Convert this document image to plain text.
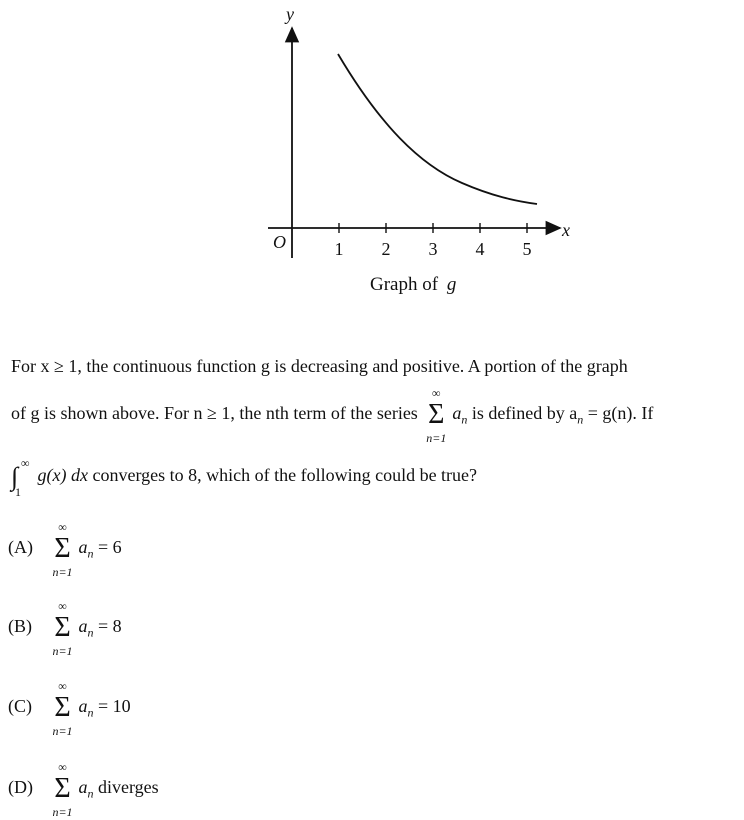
y
x
O	1 2 3 4 5
Graph of g
For x ≥ 1, the continuous function g is decreasing and positive. A portion of the graph
of g is shown above. For n ≥ 1, the nth term of the series
∞
Σ
n=1
$a_n$ is defined by $a_n = g(n)$. If
∫ ∞
1
g(x) dx converges to 8, which of the following could be true?
(A)
∞
Σ
n=1
$a_n = 6$
(B)
∞
Σ
n=1
$a_n = 8$
(C)
∞
Σ
n=1
$a_n = 10$
(D)
∞
Σ
n=1
$a_n$ diverges
